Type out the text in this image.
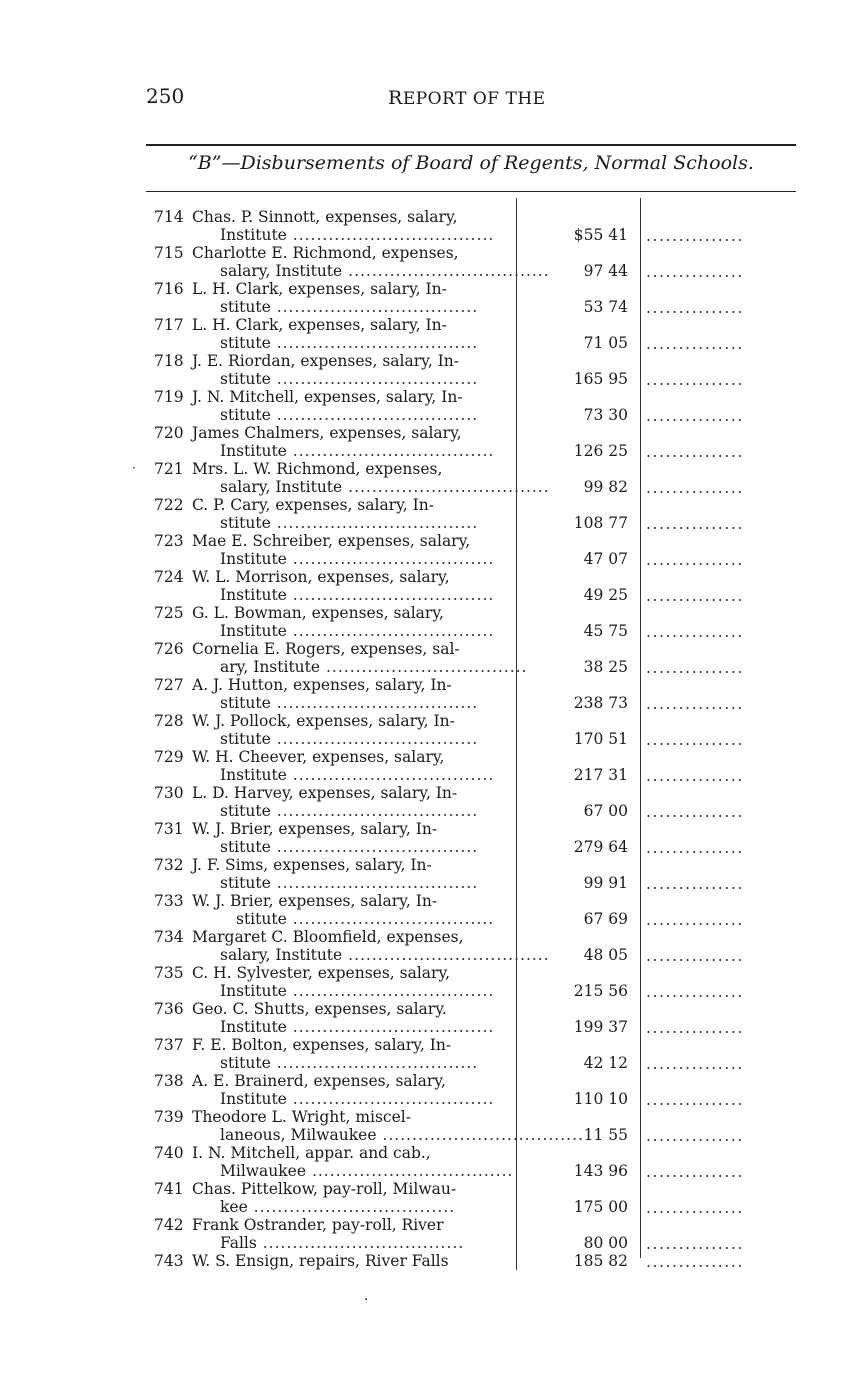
250	REPORT OF THE
“B”—Disbursements of Board of Regents, Normal Schools.
·
714 Chas. P. Sinnott, expenses, salary,
Institute ..................................	$55 41 ...............
715 Charlotte E. Richmond, expenses,
salary, Institute ..................................	97 44 ...............
716 L. H. Clark, expenses, salary, In-
stitute ..................................	53 74 ...............
717 L. H. Clark, expenses, salary, In-
stitute ..................................	71 05 ...............
718 J. E. Riordan, expenses, salary, In-
stitute ..................................	165 95 ...............
719 J. N. Mitchell, expenses, salary, In-
stitute ..................................	73 30 ...............
720 James Chalmers, expenses, salary,
Institute ..................................	126 25 ...............
721 Mrs. L. W. Richmond, expenses,
salary, Institute ..................................	99 82 ...............
722 C. P. Cary, expenses, salary, In-
stitute ..................................	108 77 ...............
723 Mae E. Schreiber, expenses, salary,
Institute ..................................	47 07 ...............
724 W. L. Morrison, expenses, salary,
Institute ..................................	49 25 ...............
725 G. L. Bowman, expenses, salary,
Institute ..................................	45 75 ...............
726 Cornelia E. Rogers, expenses, sal-
ary, Institute ..................................	38 25 ...............
727 A. J. Hutton, expenses, salary, In-
stitute ..................................	238 73 ...............
728 W. J. Pollock, expenses, salary, In-
stitute ..................................	170 51 ...............
729 W. H. Cheever, expenses, salary,
Institute ..................................	217 31 ...............
730 L. D. Harvey, expenses, salary, In-
stitute ..................................	67 00 ...............
731 W. J. Brier, expenses, salary, In-
stitute ..................................	279 64 ...............
732 J. F. Sims, expenses, salary, In-
stitute ..................................	99 91 ...............
733 W. J. Brier, expenses, salary, In-
stitute ..................................	67 69 ...............
734 Margaret C. Bloomfield, expenses,
salary, Institute ..................................	48 05 ...............
735 C. H. Sylvester, expenses, salary,
Institute ..................................	215 56 ...............
736 Geo. C. Shutts, expenses, salary.
Institute ..................................	199 37 ...............
737 F. E. Bolton, expenses, salary, In-
stitute ..................................	42 12 ...............
738 A. E. Brainerd, expenses, salary,
Institute ..................................	110 10 ...............
739 Theodore L. Wright, miscel-
laneous, Milwaukee .................................. 11 55 ...............
740 I. N. Mitchell, appar. and cab.,
Milwaukee ..................................	143 96 ...............
741 Chas. Pittelkow, pay-roll, Milwau-
kee ..................................	175 00 ...............
742 Frank Ostrander, pay-roll, River
Falls ..................................	80 00 ...............
743 W. S. Ensign, repairs, River Falls	185 82 ...............
·
